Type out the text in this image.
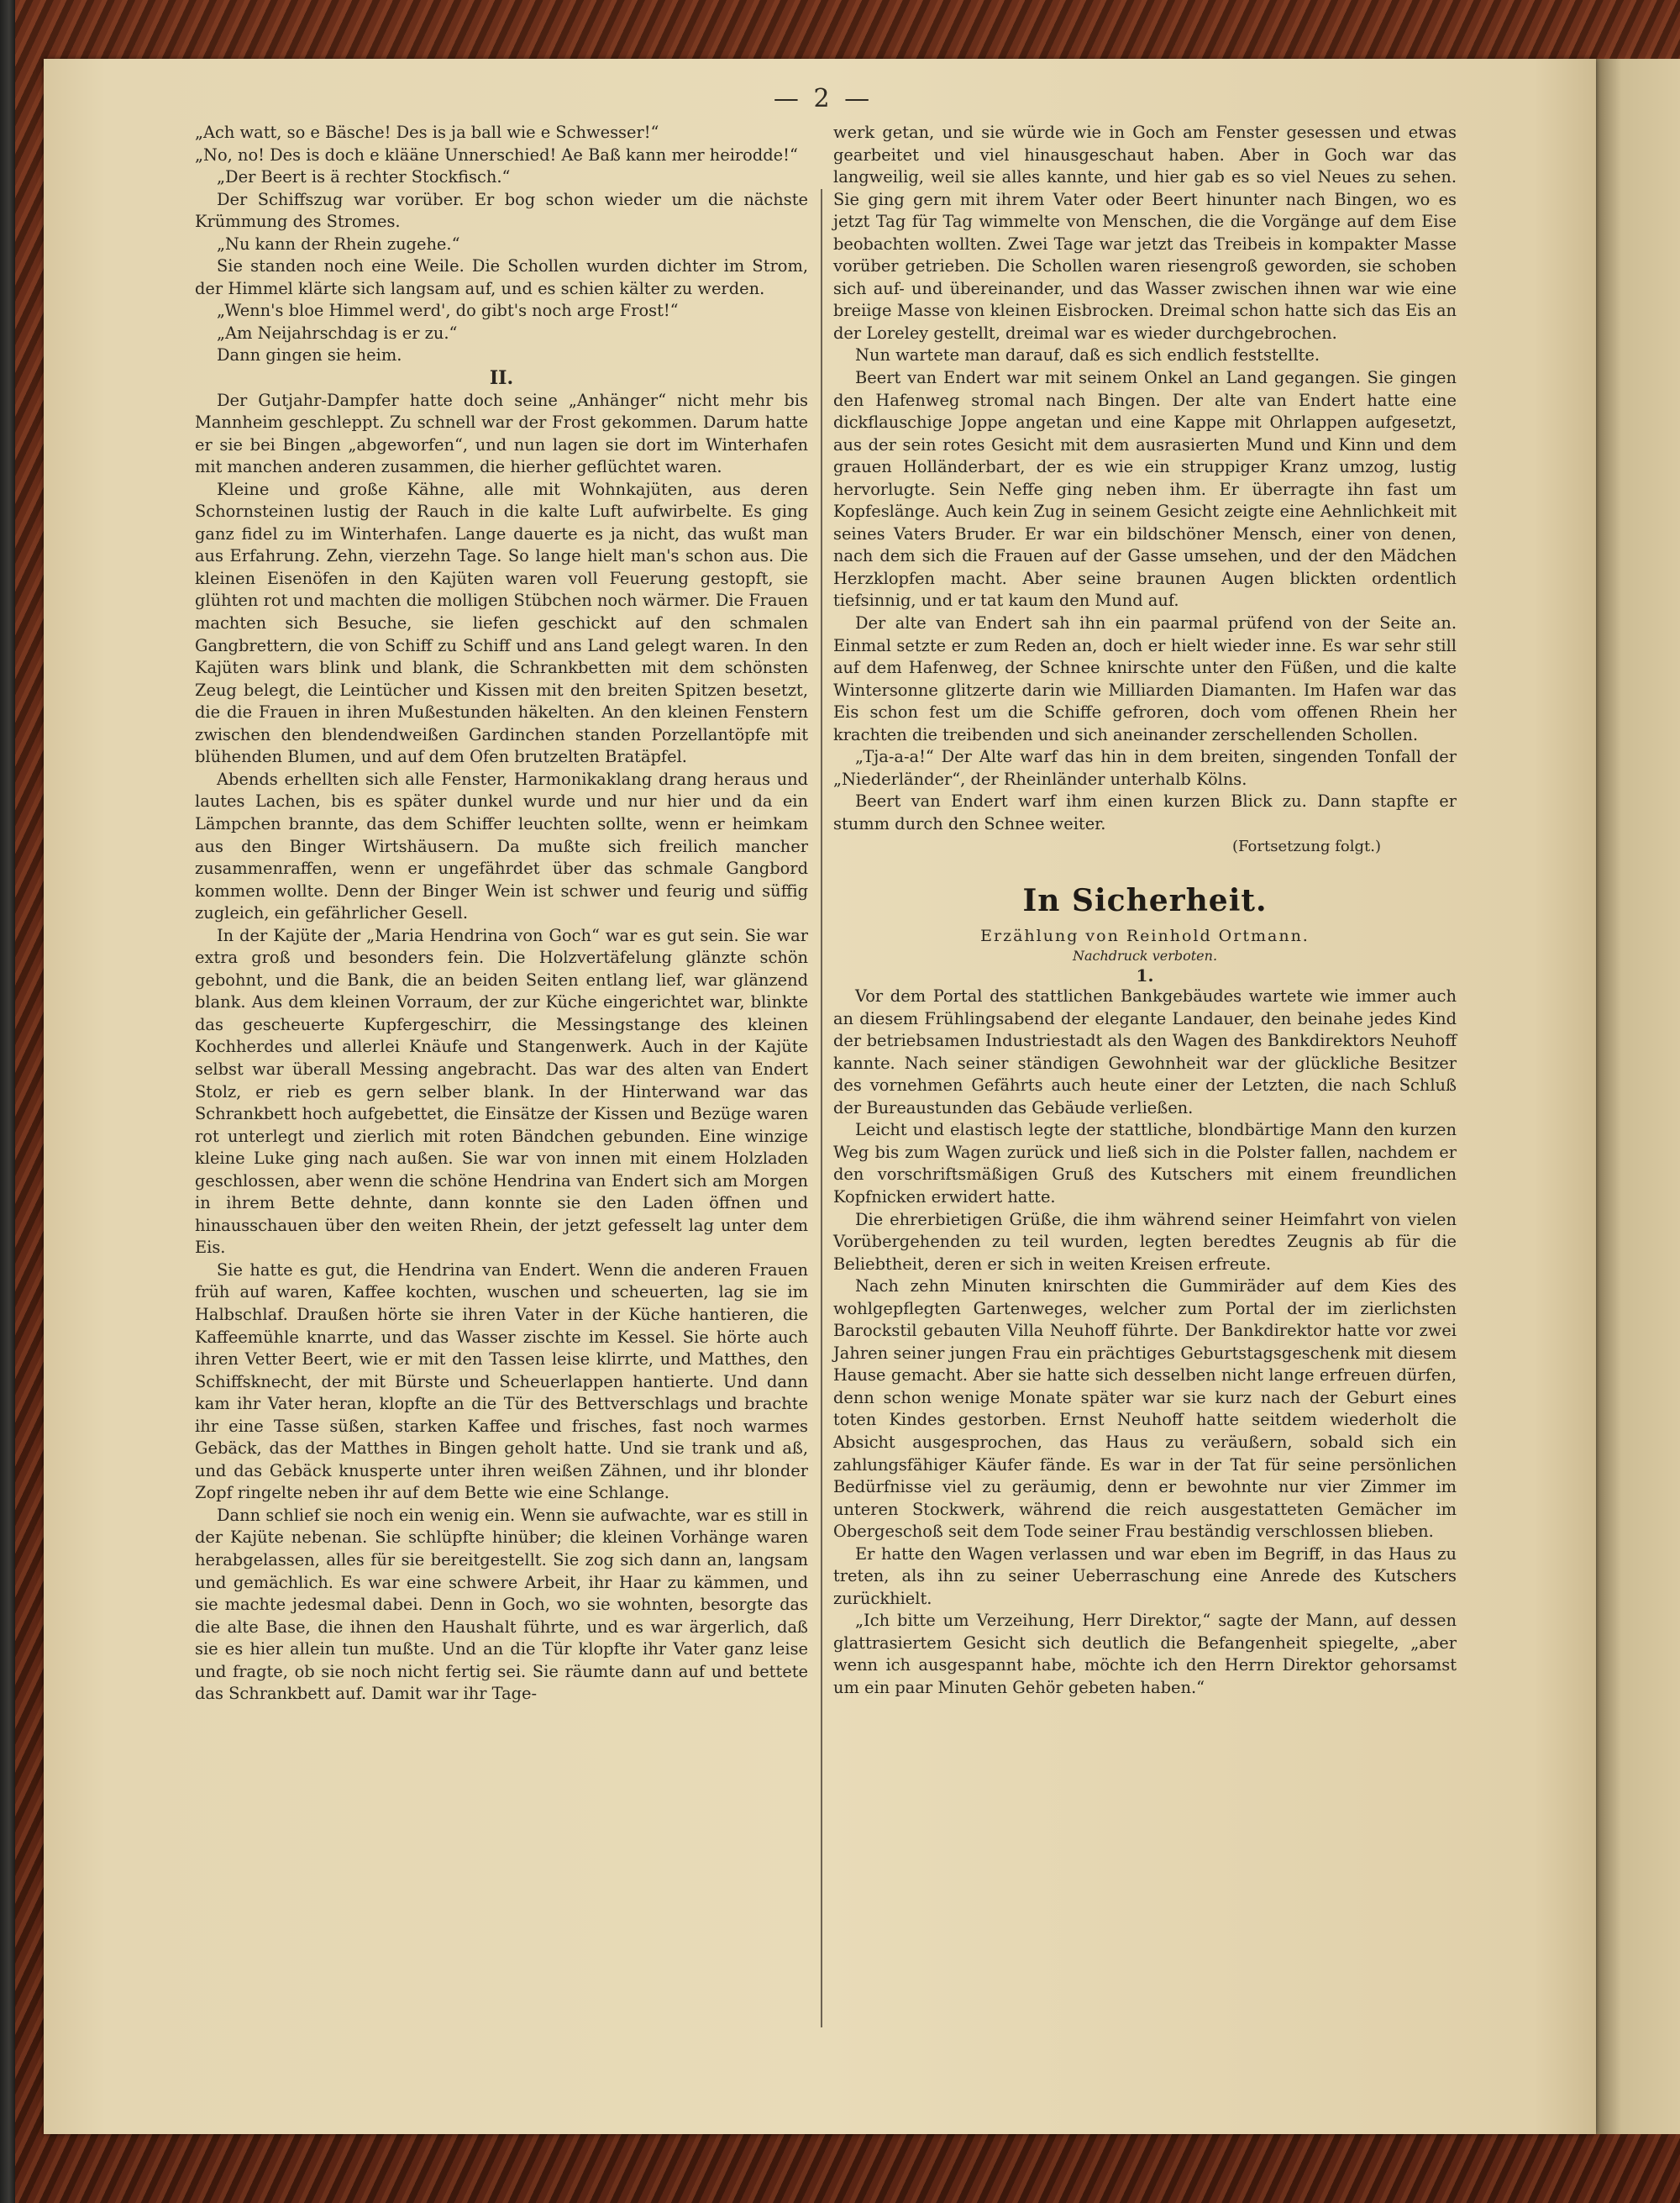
— 2 —

„Ach watt, so e Bäsche! Des is ja ball wie e Schwesser!“

„No, no! Des is doch e klääne Unnerschied! Ae Baß kann mer heirodde!“

„Der Beert is ä rechter Stockfisch.“

Der Schiffszug war vorüber. Er bog schon wieder um die nächste Krümmung des Stromes.

„Nu kann der Rhein zugehe.“

Sie standen noch eine Weile. Die Schollen wurden dichter im Strom, der Himmel klärte sich langsam auf, und es schien kälter zu werden.

„Wenn's bloe Himmel werd', do gibt's noch arge Frost!“

„Am Neijahrschdag is er zu.“

Dann gingen sie heim.

II.

Der Gutjahr-Dampfer hatte doch seine „Anhänger“ nicht mehr bis Mannheim geschleppt. Zu schnell war der Frost gekommen. Darum hatte er sie bei Bingen „abgeworfen“, und nun lagen sie dort im Winterhafen mit manchen anderen zusammen, die hierher geflüchtet waren.

Kleine und große Kähne, alle mit Wohnkajüten, aus deren Schornsteinen lustig der Rauch in die kalte Luft aufwirbelte. Es ging ganz fidel zu im Winterhafen. Lange dauerte es ja nicht, das wußt man aus Erfahrung. Zehn, vierzehn Tage. So lange hielt man's schon aus. Die kleinen Eisenöfen in den Kajüten waren voll Feuerung gestopft, sie glühten rot und machten die molligen Stübchen noch wärmer. Die Frauen machten sich Besuche, sie liefen geschickt auf den schmalen Gangbrettern, die von Schiff zu Schiff und ans Land gelegt waren. In den Kajüten wars blink und blank, die Schrankbetten mit dem schönsten Zeug belegt, die Leintücher und Kissen mit den breiten Spitzen besetzt, die die Frauen in ihren Mußestunden häkelten. An den kleinen Fenstern zwischen den blendendweißen Gardinchen standen Porzellantöpfe mit blühenden Blumen, und auf dem Ofen brutzelten Bratäpfel.

Abends erhellten sich alle Fenster, Harmonikaklang drang heraus und lautes Lachen, bis es später dunkel wurde und nur hier und da ein Lämpchen brannte, das dem Schiffer leuchten sollte, wenn er heimkam aus den Binger Wirtshäusern. Da mußte sich freilich mancher zusammenraffen, wenn er ungefährdet über das schmale Gangbord kommen wollte. Denn der Binger Wein ist schwer und feurig und süffig zugleich, ein gefährlicher Gesell.

In der Kajüte der „Maria Hendrina von Goch“ war es gut sein. Sie war extra groß und besonders fein. Die Holzvertäfelung glänzte schön gebohnt, und die Bank, die an beiden Seiten entlang lief, war glänzend blank. Aus dem kleinen Vorraum, der zur Küche eingerichtet war, blinkte das gescheuerte Kupfergeschirr, die Messingstange des kleinen Kochherdes und allerlei Knäufe und Stangenwerk. Auch in der Kajüte selbst war überall Messing angebracht. Das war des alten van Endert Stolz, er rieb es gern selber blank. In der Hinterwand war das Schrankbett hoch aufgebettet, die Einsätze der Kissen und Bezüge waren rot unterlegt und zierlich mit roten Bändchen gebunden. Eine winzige kleine Luke ging nach außen. Sie war von innen mit einem Holzladen geschlossen, aber wenn die schöne Hendrina van Endert sich am Morgen in ihrem Bette dehnte, dann konnte sie den Laden öffnen und hinausschauen über den weiten Rhein, der jetzt gefesselt lag unter dem Eis.

Sie hatte es gut, die Hendrina van Endert. Wenn die anderen Frauen früh auf waren, Kaffee kochten, wuschen und scheuerten, lag sie im Halbschlaf. Draußen hörte sie ihren Vater in der Küche hantieren, die Kaffeemühle knarrte, und das Wasser zischte im Kessel. Sie hörte auch ihren Vetter Beert, wie er mit den Tassen leise klirrte, und Matthes, den Schiffsknecht, der mit Bürste und Scheuerlappen hantierte. Und dann kam ihr Vater heran, klopfte an die Tür des Bettverschlags und brachte ihr eine Tasse süßen, starken Kaffee und frisches, fast noch warmes Gebäck, das der Matthes in Bingen geholt hatte. Und sie trank und aß, und das Gebäck knusperte unter ihren weißen Zähnen, und ihr blonder Zopf ringelte neben ihr auf dem Bette wie eine Schlange.

Dann schlief sie noch ein wenig ein. Wenn sie aufwachte, war es still in der Kajüte nebenan. Sie schlüpfte hinüber; die kleinen Vorhänge waren herabgelassen, alles für sie bereitgestellt. Sie zog sich dann an, langsam und gemächlich. Es war eine schwere Arbeit, ihr Haar zu kämmen, und sie machte jedesmal dabei. Denn in Goch, wo sie wohnten, besorgte das die alte Base, die ihnen den Haushalt führte, und es war ärgerlich, daß sie es hier allein tun mußte. Und an die Tür klopfte ihr Vater ganz leise und fragte, ob sie noch nicht fertig sei. Sie räumte dann auf und bettete das Schrankbett auf. Damit war ihr Tage-

werk getan, und sie würde wie in Goch am Fenster gesessen und etwas gearbeitet und viel hinausgeschaut haben. Aber in Goch war das langweilig, weil sie alles kannte, und hier gab es so viel Neues zu sehen. Sie ging gern mit ihrem Vater oder Beert hinunter nach Bingen, wo es jetzt Tag für Tag wimmelte von Menschen, die die Vorgänge auf dem Eise beobachten wollten. Zwei Tage war jetzt das Treibeis in kompakter Masse vorüber getrieben. Die Schollen waren riesengroß geworden, sie schoben sich auf- und übereinander, und das Wasser zwischen ihnen war wie eine breiige Masse von kleinen Eisbrocken. Dreimal schon hatte sich das Eis an der Loreley gestellt, dreimal war es wieder durchgebrochen.

Nun wartete man darauf, daß es sich endlich feststellte.

Beert van Endert war mit seinem Onkel an Land gegangen. Sie gingen den Hafenweg stromal nach Bingen. Der alte van Endert hatte eine dickflauschige Joppe angetan und eine Kappe mit Ohrlappen aufgesetzt, aus der sein rotes Gesicht mit dem ausrasierten Mund und Kinn und dem grauen Holländerbart, der es wie ein struppiger Kranz umzog, lustig hervorlugte. Sein Neffe ging neben ihm. Er überragte ihn fast um Kopfeslänge. Auch kein Zug in seinem Gesicht zeigte eine Aehnlichkeit mit seines Vaters Bruder. Er war ein bildschöner Mensch, einer von denen, nach dem sich die Frauen auf der Gasse umsehen, und der den Mädchen Herzklopfen macht. Aber seine braunen Augen blickten ordentlich tiefsinnig, und er tat kaum den Mund auf.

Der alte van Endert sah ihn ein paarmal prüfend von der Seite an. Einmal setzte er zum Reden an, doch er hielt wieder inne. Es war sehr still auf dem Hafenweg, der Schnee knirschte unter den Füßen, und die kalte Wintersonne glitzerte darin wie Milliarden Diamanten. Im Hafen war das Eis schon fest um die Schiffe gefroren, doch vom offenen Rhein her krachten die treibenden und sich aneinander zerschellenden Schollen.

„Tja-a-a!“ Der Alte warf das hin in dem breiten, singenden Tonfall der „Niederländer“, der Rheinländer unterhalb Kölns.

Beert van Endert warf ihm einen kurzen Blick zu. Dann stapfte er stumm durch den Schnee weiter.

(Fortsetzung folgt.)

In Sicherheit.

Erzählung von Reinhold Ortmann.

Nachdruck verboten.

1.

Vor dem Portal des stattlichen Bankgebäudes wartete wie immer auch an diesem Frühlingsabend der elegante Landauer, den beinahe jedes Kind der betriebsamen Industriestadt als den Wagen des Bankdirektors Neuhoff kannte. Nach seiner ständigen Gewohnheit war der glückliche Besitzer des vornehmen Gefährts auch heute einer der Letzten, die nach Schluß der Bureaustunden das Gebäude verließen.

Leicht und elastisch legte der stattliche, blondbärtige Mann den kurzen Weg bis zum Wagen zurück und ließ sich in die Polster fallen, nachdem er den vorschriftsmäßigen Gruß des Kutschers mit einem freundlichen Kopfnicken erwidert hatte.

Die ehrerbietigen Grüße, die ihm während seiner Heimfahrt von vielen Vorübergehenden zu teil wurden, legten beredtes Zeugnis ab für die Beliebtheit, deren er sich in weiten Kreisen erfreute.

Nach zehn Minuten knirschten die Gummiräder auf dem Kies des wohlgepflegten Gartenweges, welcher zum Portal der im zierlichsten Barockstil gebauten Villa Neuhoff führte. Der Bankdirektor hatte vor zwei Jahren seiner jungen Frau ein prächtiges Geburtstagsgeschenk mit diesem Hause gemacht. Aber sie hatte sich desselben nicht lange erfreuen dürfen, denn schon wenige Monate später war sie kurz nach der Geburt eines toten Kindes gestorben. Ernst Neuhoff hatte seitdem wiederholt die Absicht ausgesprochen, das Haus zu veräußern, sobald sich ein zahlungsfähiger Käufer fände. Es war in der Tat für seine persönlichen Bedürfnisse viel zu geräumig, denn er bewohnte nur vier Zimmer im unteren Stockwerk, während die reich ausgestatteten Gemächer im Obergeschoß seit dem Tode seiner Frau beständig verschlossen blieben.

Er hatte den Wagen verlassen und war eben im Begriff, in das Haus zu treten, als ihn zu seiner Ueberraschung eine Anrede des Kutschers zurückhielt.

„Ich bitte um Verzeihung, Herr Direktor,“ sagte der Mann, auf dessen glattrasiertem Gesicht sich deutlich die Befangenheit spiegelte, „aber wenn ich ausgespannt habe, möchte ich den Herrn Direktor gehorsamst um ein paar Minuten Gehör gebeten haben.“
